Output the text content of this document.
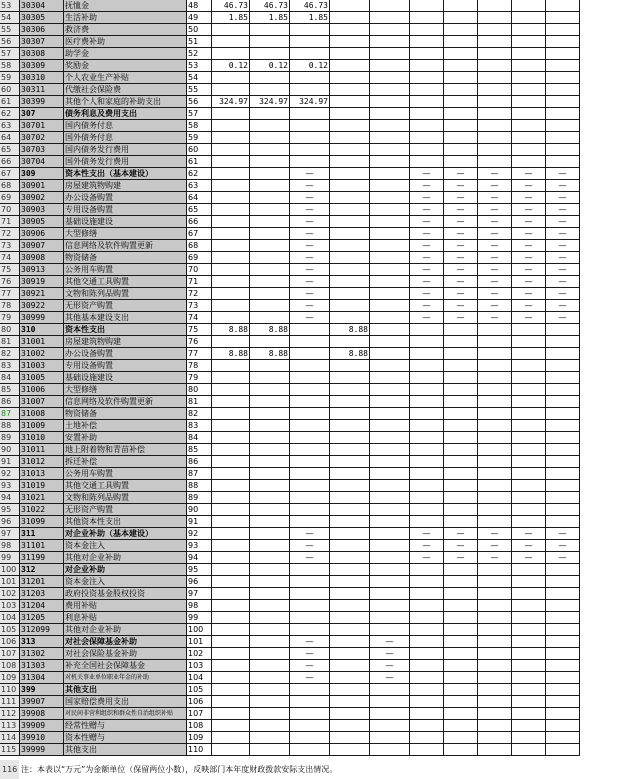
53	30304	抚恤金	48	46.73	46.73	46.73							
54	30305	生活补助	49	1.85	1.85	1.85							
55	30306	救济费	50										
56	30307	医疗费补助	51										
57	30308	助学金	52										
58	30309	奖励金	53	0.12	0.12	0.12							
59	30310	个人农业生产补贴	54										
60	30311	代缴社会保险费	55										
61	30399	其他个人和家庭的补助支出	56	324.97	324.97	324.97							
62	307	债务利息及费用支出	57										
63	30701	国内债务付息	58										
64	30702	国外债务付息	59										
65	30703	国内债务发行费用	60										
66	30704	国外债务发行费用	61										
67	309	资本性支出（基本建设）	62			—			—	—	—	—	—
68	30901	房屋建筑物购建	63			—			—	—	—	—	—
69	30902	办公设备购置	64			—			—	—	—	—	—
70	30903	专用设备购置	65			—			—	—	—	—	—
71	30905	基础设施建设	66			—			—	—	—	—	—
72	30906	大型修缮	67			—			—	—	—	—	—
73	30907	信息网络及软件购置更新	68			—			—	—	—	—	—
74	30908	物资储备	69			—			—	—	—	—	—
75	30913	公务用车购置	70			—			—	—	—	—	—
76	30919	其他交通工具购置	71			—			—	—	—	—	—
77	30921	文物和陈列品购置	72			—			—	—	—	—	—
78	30922	无形资产购置	73			—			—	—	—	—	—
79	30999	其他基本建设支出	74			—			—	—	—	—	—
80	310	资本性支出	75	8.88	8.88		8.88						
81	31001	房屋建筑物购建	76										
82	31002	办公设备购置	77	8.88	8.88		8.88						
83	31003	专用设备购置	78										
84	31005	基础设施建设	79										
85	31006	大型修缮	80										
86	31007	信息网络及软件购置更新	81										
87	31008	物资储备	82										
88	31009	土地补偿	83										
89	31010	安置补助	84										
90	31011	地上附着物和青苗补偿	85										
91	31012	拆迁补偿	86										
92	31013	公务用车购置	87										
93	31019	其他交通工具购置	88										
94	31021	文物和陈列品购置	89										
95	31022	无形资产购置	90										
96	31099	其他资本性支出	91										
97	311	对企业补助（基本建设）	92			—			—	—	—	—	—
98	31101	资本金注入	93			—			—	—	—	—	—
99	31199	其他对企业补助	94			—			—	—	—	—	—
100	312	对企业补助	95										
101	31201	资本金注入	96										
102	31203	政府投资基金股权投资	97										
103	31204	费用补贴	98										
104	31205	利息补贴	99										
105	312099	其他对企业补助	100										
106	313	对社会保障基金补助	101			—		—					
107	31302	对社会保险基金补助	102			—		—					
108	31303	补充全国社会保障基金	103			—		—					
109	31304	对机关事业单位职业年金的补助	104			—		—					
110	399	其他支出	105										
111	39907	国家赔偿费用支出	106										
112	39908	对民间非营利组织和群众性自治组织补贴	107										
113	39909	经常性赠与	108										
114	39910	资本性赠与	109										
115	39999	其他支出	110										
116 注：本表以“万元”为金额单位（保留两位小数），反映部门本年度财政拨款安际支出情况。
